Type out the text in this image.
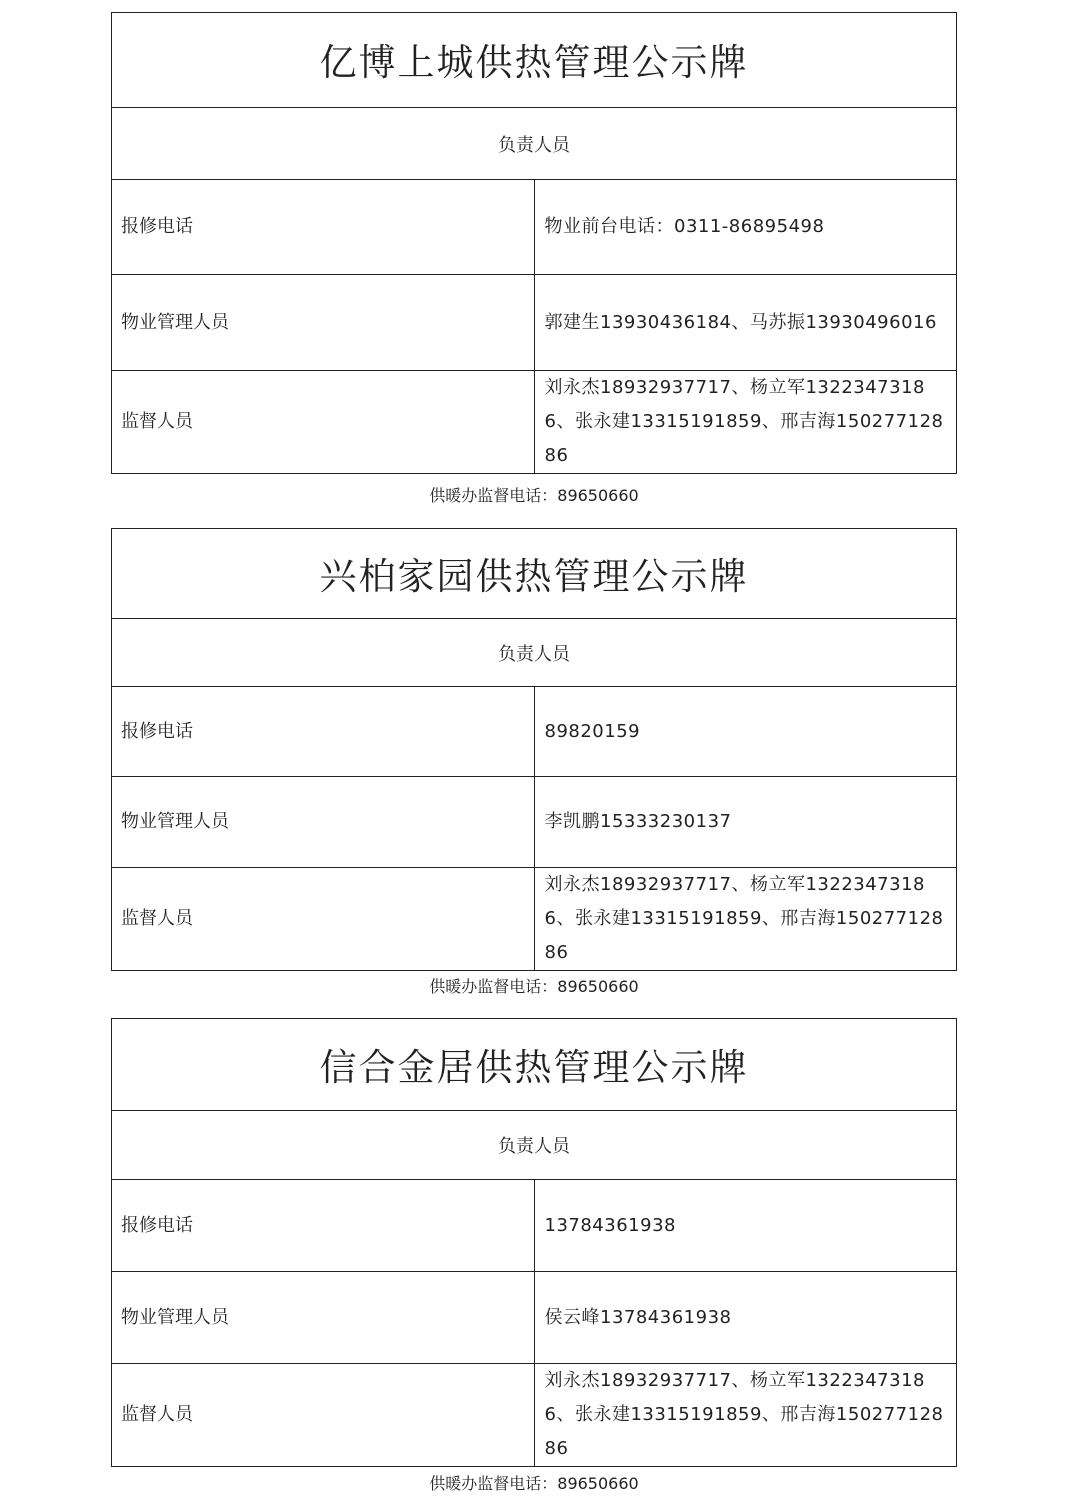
亿博上城供热管理公示牌	
负责人员	
报修电话	物业前台电话：0311-86895498
物业管理人员	郭建生13930436184、马苏振13930496016
监督人员	刘永杰18932937717、杨立军13223473186、张永建13315191859、邢吉海15027712886
供暖办监督电话：89650660
兴柏家园供热管理公示牌	
负责人员	
报修电话	89820159
物业管理人员	李凯鹏15333230137
监督人员	刘永杰18932937717、杨立军13223473186、张永建13315191859、邢吉海15027712886
供暖办监督电话：89650660
信合金居供热管理公示牌	
负责人员	
报修电话	13784361938
物业管理人员	侯云峰13784361938
监督人员	刘永杰18932937717、杨立军13223473186、张永建13315191859、邢吉海15027712886
供暖办监督电话：89650660
